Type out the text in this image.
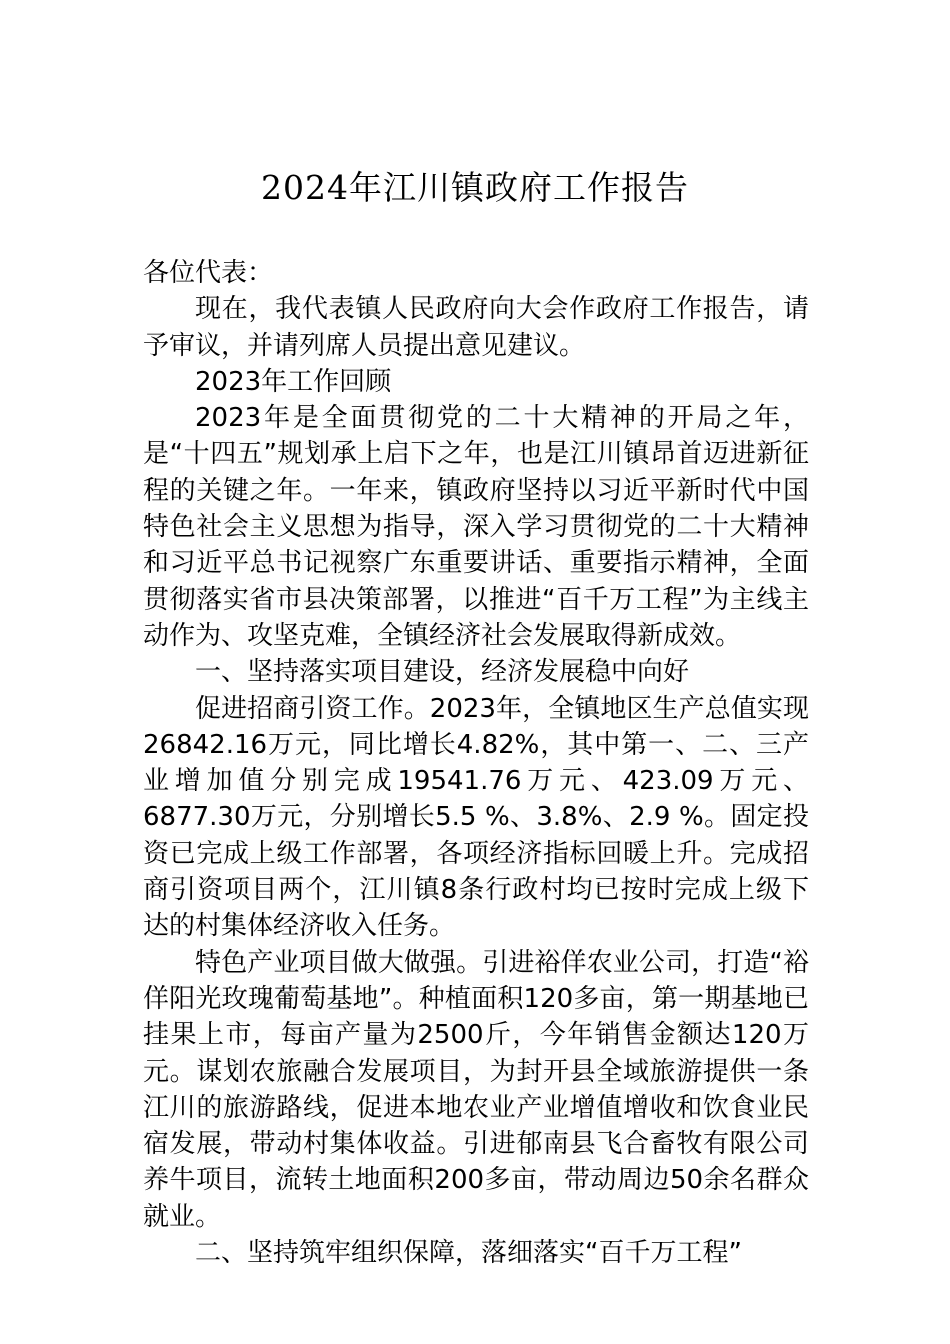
2024年江川镇政府工作报告

各位代表：

现在，我代表镇人民政府向大会作政府工作报告，请予审议，并请列席人员提出意见建议。

2023年工作回顾

2023年是全面贯彻党的二十大精神的开局之年，是“十四五”规划承上启下之年，也是江川镇昂首迈进新征程的关键之年。一年来，镇政府坚持以习近平新时代中国特色社会主义思想为指导，深入学习贯彻党的二十大精神和习近平总书记视察广东重要讲话、重要指示精神，全面贯彻落实省市县决策部署，以推进“百千万工程”为主线主动作为、攻坚克难，全镇经济社会发展取得新成效。

一、坚持落实项目建设，经济发展稳中向好

促进招商引资工作。2023年，全镇地区生产总值实现26842.16万元，同比增长4.82%，其中第一、二、三产业增加值分别完成19541.76万元、423.09万元、6877.30万元，分别增长5.5 %、3.8%、2.9 %。固定投资已完成上级工作部署，各项经济指标回暖上升。完成招商引资项目两个，江川镇8条行政村均已按时完成上级下达的村集体经济收入任务。

特色产业项目做大做强。引进裕佯农业公司，打造“裕佯阳光玫瑰葡萄基地”。种植面积120多亩，第一期基地已挂果上市，每亩产量为2500斤，今年销售金额达120万元。谋划农旅融合发展项目，为封开县全域旅游提供一条江川的旅游路线，促进本地农业产业增值增收和饮食业民宿发展，带动村集体收益。引进郁南县飞合畜牧有限公司养牛项目，流转土地面积200多亩，带动周边50余名群众就业。

二、坚持筑牢组织保障，落细落实“百千万工程”
